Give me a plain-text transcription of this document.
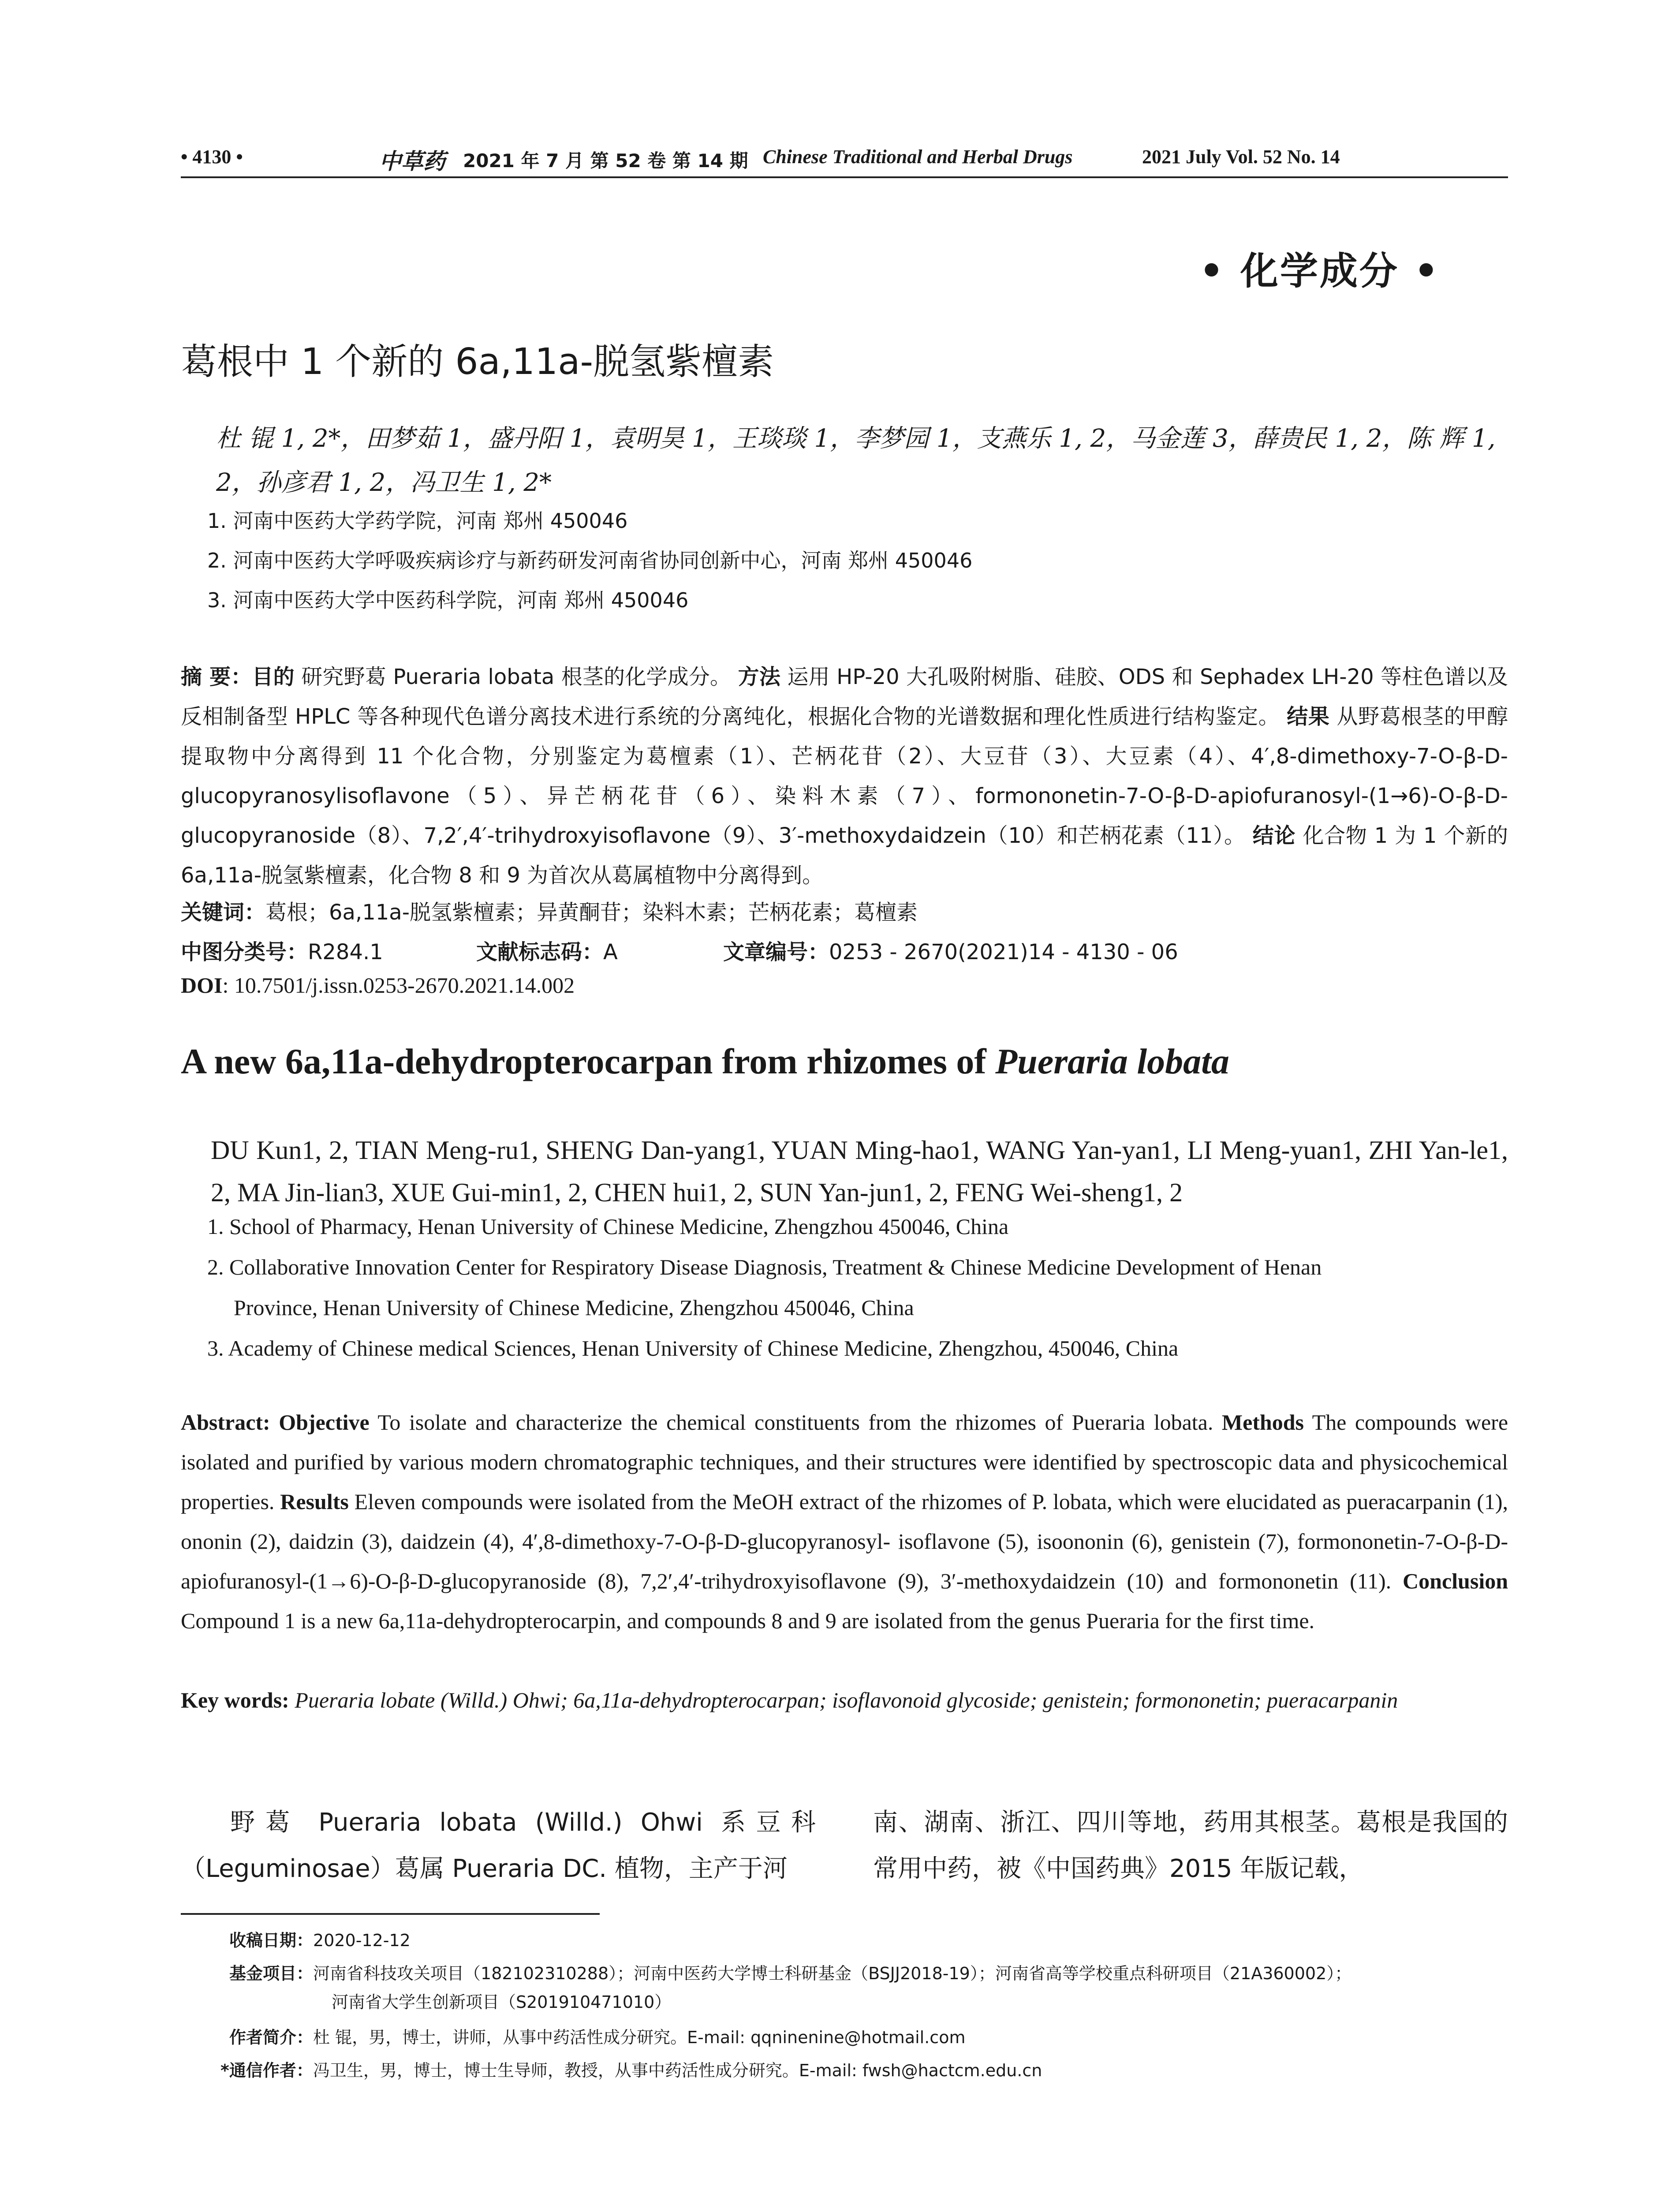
• 4130 •	中草药 2021 年 7 月 第 52 卷 第 14 期 Chinese Traditional and Herbal Drugs	2021 July Vol. 52 No. 14
• 化学成分 •
葛根中 1 个新的 6a,11a-脱氢紫檀素
杜 锟 1, 2*，田梦茹 1，盛丹阳 1，袁明昊 1，王琰琰 1，李梦园 1，支燕乐 1, 2，马金莲 3，薛贵民 1, 2，陈 辉 1, 2，孙彦君 1, 2，冯卫生 1, 2*
1. 河南中医药大学药学院，河南 郑州 450046
2. 河南中医药大学呼吸疾病诊疗与新药研发河南省协同创新中心，河南 郑州 450046
3. 河南中医药大学中医药科学院，河南 郑州 450046
摘 要：目的 研究野葛 Pueraria lobata 根茎的化学成分。 方法 运用 HP-20 大孔吸附树脂、硅胶、ODS 和 Sephadex LH-20 等柱色谱以及反相制备型 HPLC 等各种现代色谱分离技术进行系统的分离纯化，根据化合物的光谱数据和理化性质进行结构鉴定。 结果 从野葛根茎的甲醇提取物中分离得到 11 个化合物，分别鉴定为葛檀素（1）、芒柄花苷（2）、大豆苷（3）、大豆素（4）、4′,8-dimethoxy-7-O-β-D-glucopyranosylisoflavone（5）、异芒柄花苷（6）、染料木素（7）、formononetin-7-O-β-D-apiofuranosyl-(1→6)-O-β-D-glucopyranoside（8）、7,2′,4′-trihydroxyisoflavone（9）、3′-methoxydaidzein（10）和芒柄花素（11）。 结论 化合物 1 为 1 个新的 6a,11a-脱氢紫檀素，化合物 8 和 9 为首次从葛属植物中分离得到。
关键词：葛根；6a,11a-脱氢紫檀素；异黄酮苷；染料木素；芒柄花素；葛檀素
中图分类号：R284.1	文献标志码：A	文章编号：0253 - 2670(2021)14 - 4130 - 06
DOI: 10.7501/j.issn.0253-2670.2021.14.002
A new 6a,11a-dehydropterocarpan from rhizomes of Pueraria lobata
DU Kun1, 2, TIAN Meng-ru1, SHENG Dan-yang1, YUAN Ming-hao1, WANG Yan-yan1, LI Meng-yuan1, ZHI Yan-le1, 2, MA Jin-lian3, XUE Gui-min1, 2, CHEN hui1, 2, SUN Yan-jun1, 2, FENG Wei-sheng1, 2
1. School of Pharmacy, Henan University of Chinese Medicine, Zhengzhou 450046, China
2. Collaborative Innovation Center for Respiratory Disease Diagnosis, Treatment & Chinese Medicine Development of Henan
Province, Henan University of Chinese Medicine, Zhengzhou 450046, China
3. Academy of Chinese medical Sciences, Henan University of Chinese Medicine, Zhengzhou, 450046, China
Abstract: Objective To isolate and characterize the chemical constituents from the rhizomes of Pueraria lobata. Methods The compounds were isolated and purified by various modern chromatographic techniques, and their structures were identified by spectroscopic data and physicochemical properties. Results Eleven compounds were isolated from the MeOH extract of the rhizomes of P. lobata, which were elucidated as pueracarpanin (1), ononin (2), daidzin (3), daidzein (4), 4′,8-dimethoxy-7-O-β-D-glucopyranosyl- isoflavone (5), isoononin (6), genistein (7), formononetin-7-O-β-D-apiofuranosyl-(1→6)-O-β-D-glucopyranoside (8), 7,2′,4′-trihydroxyisoflavone (9), 3′-methoxydaidzein (10) and formononetin (11). Conclusion Compound 1 is a new 6a,11a-dehydropterocarpin, and compounds 8 and 9 are isolated from the genus Pueraria for the first time.
Key words: Pueraria lobate (Willd.) Ohwi; 6a,11a-dehydropterocarpan; isoflavonoid glycoside; genistein; formononetin; pueracarpanin
野葛 Pueraria lobata (Willd.) Ohwi 系豆科（Leguminosae）葛属 Pueraria DC. 植物，主产于河
南、湖南、浙江、四川等地，药用其根茎。葛根是我国的常用中药，被《中国药典》2015 年版记载，
收稿日期：2020-12-12
基金项目：河南省科技攻关项目（182102310288）；河南中医药大学博士科研基金（BSJJ2018-19）；河南省高等学校重点科研项目（21A360002）；
河南省大学生创新项目（S201910471010）
作者简介：杜 锟，男，博士，讲师，从事中药活性成分研究。E-mail: qqninenine@hotmail.com
*通信作者：冯卫生，男，博士，博士生导师，教授，从事中药活性成分研究。E-mail: fwsh@hactcm.edu.cn
